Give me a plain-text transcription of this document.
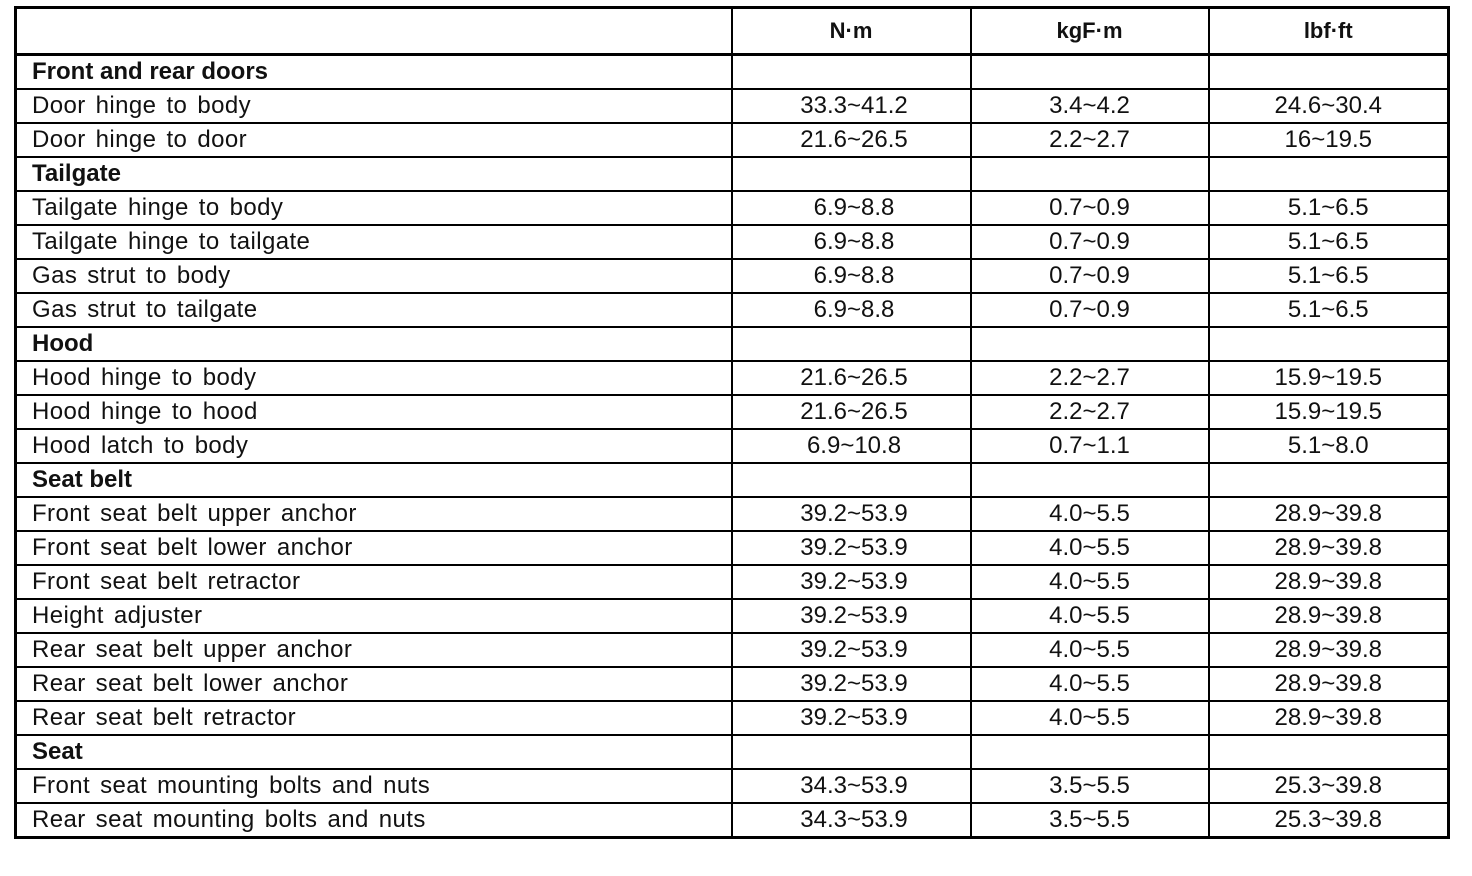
	N·m	kgF·m	lbf·ft
Front and rear doors			
Door hinge to body	33.3~41.2	3.4~4.2	24.6~30.4
Door hinge to door	21.6~26.5	2.2~2.7	16~19.5
Tailgate			
Tailgate hinge to body	6.9~8.8	0.7~0.9	5.1~6.5
Tailgate hinge to tailgate	6.9~8.8	0.7~0.9	5.1~6.5
Gas strut to body	6.9~8.8	0.7~0.9	5.1~6.5
Gas strut to tailgate	6.9~8.8	0.7~0.9	5.1~6.5
Hood			
Hood hinge to body	21.6~26.5	2.2~2.7	15.9~19.5
Hood hinge to hood	21.6~26.5	2.2~2.7	15.9~19.5
Hood latch to body	6.9~10.8	0.7~1.1	5.1~8.0
Seat belt			
Front seat belt upper anchor	39.2~53.9	4.0~5.5	28.9~39.8
Front seat belt lower anchor	39.2~53.9	4.0~5.5	28.9~39.8
Front seat belt retractor	39.2~53.9	4.0~5.5	28.9~39.8
Height adjuster	39.2~53.9	4.0~5.5	28.9~39.8
Rear seat belt upper anchor	39.2~53.9	4.0~5.5	28.9~39.8
Rear seat belt lower anchor	39.2~53.9	4.0~5.5	28.9~39.8
Rear seat belt retractor	39.2~53.9	4.0~5.5	28.9~39.8
Seat			
Front seat mounting bolts and nuts	34.3~53.9	3.5~5.5	25.3~39.8
Rear seat mounting bolts and nuts	34.3~53.9	3.5~5.5	25.3~39.8
